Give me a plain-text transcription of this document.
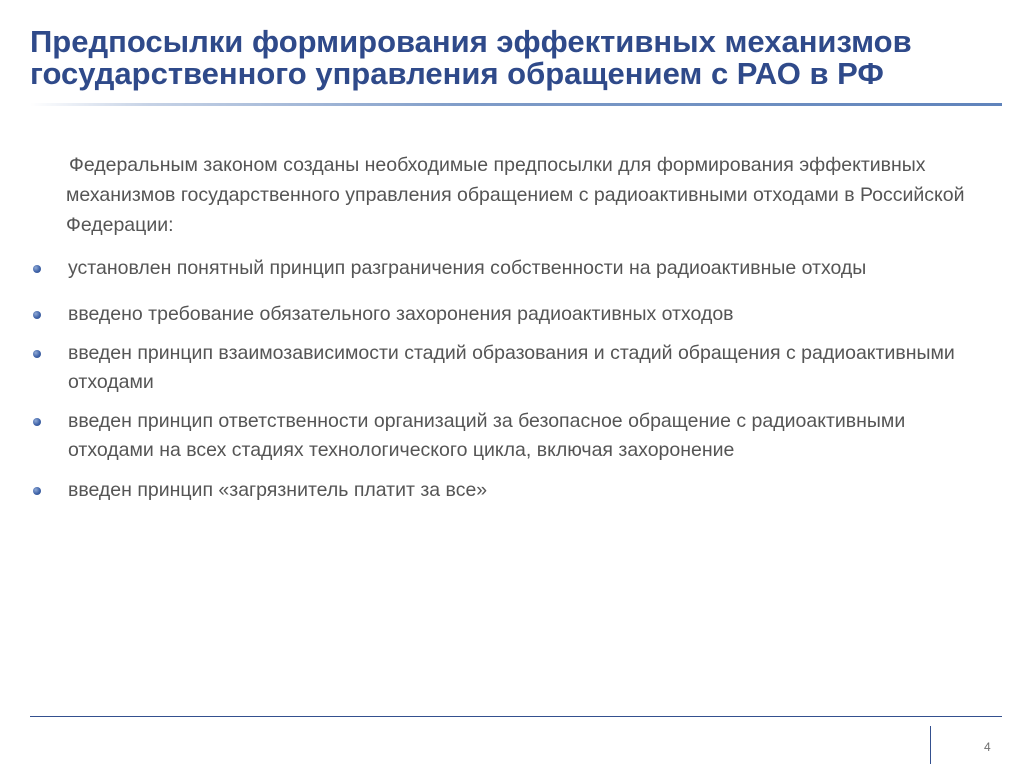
Предпосылки формирования эффективных механизмов государственного управления обращением с РАО в РФ

Федеральным законом созданы необходимые предпосылки для формирования эффективных механизмов государственного управления обращением с радиоактивными отходами в Российской Федерации:

установлен понятный принцип разграничения собственности на радиоактивные отходы
введено требование обязательного захоронения радиоактивных отходов
введен принцип взаимозависимости стадий образования и стадий обращения с радиоактивными отходами
введен принцип ответственности организаций за безопасное обращение с радиоактивными отходами на всех стадиях технологического цикла, включая захоронение
введен принцип «загрязнитель платит за все»
4
